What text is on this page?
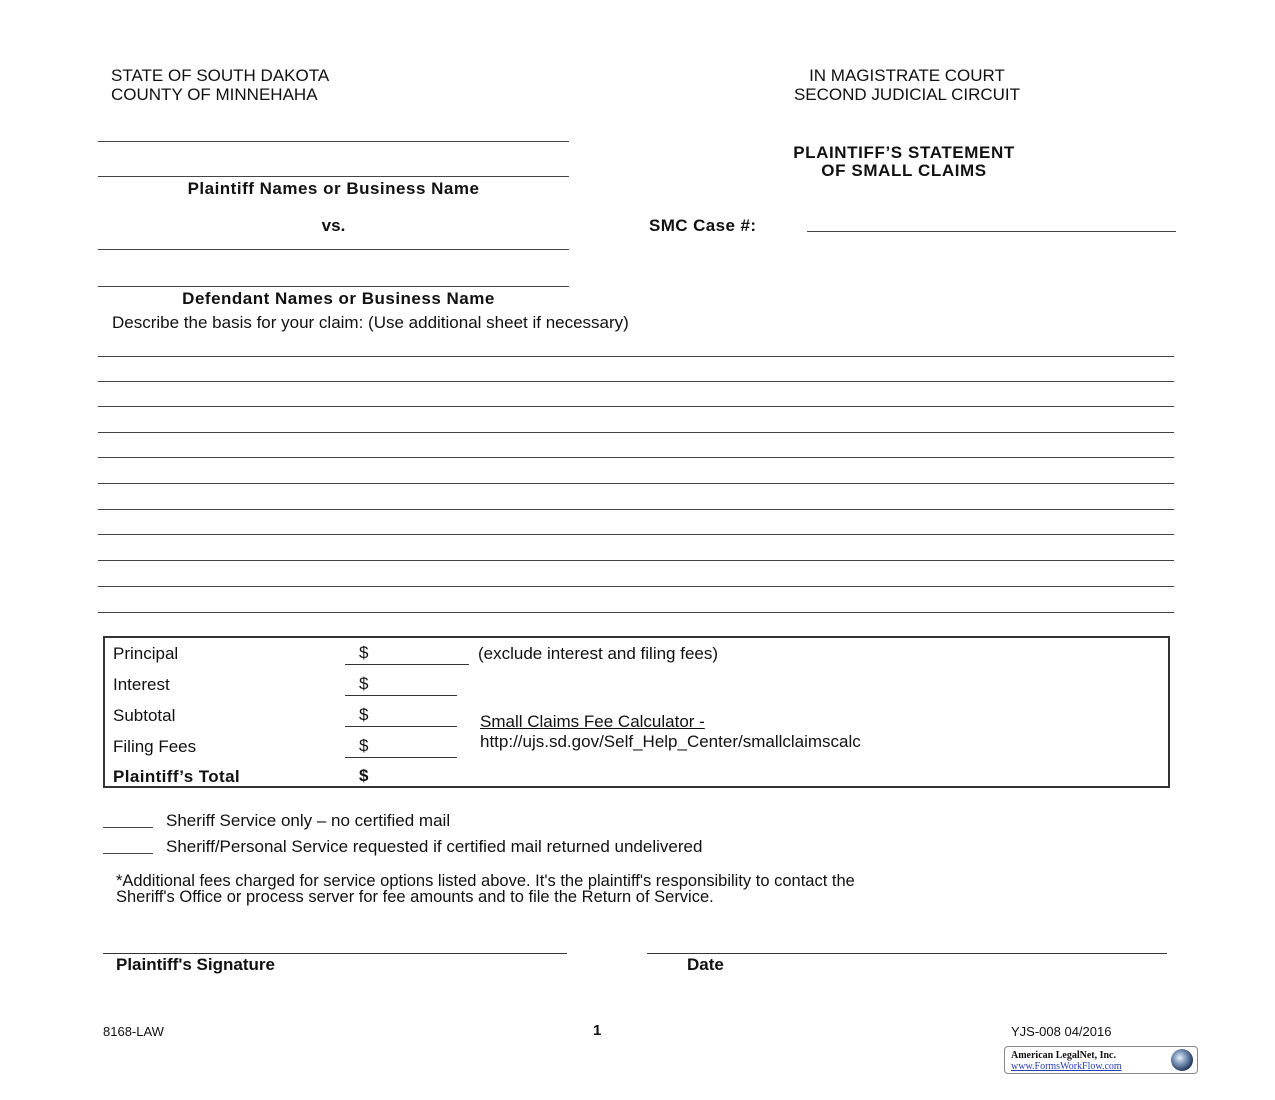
STATE OF SOUTH DAKOTA
COUNTY OF MINNEHAHA
IN MAGISTRATE COURT
SECOND JUDICIAL CIRCUIT
PLAINTIFF’S STATEMENT
OF SMALL CLAIMS
Plaintiff Names or Business Name
vs.	SMC Case #:
Defendant Names or Business Name
Describe the basis for your claim: (Use additional sheet if necessary)
Principal	$	(exclude interest and filing fees)
Interest	$
Subtotal	$
Filing Fees	$
Plaintiff’s Total	$
Small Claims Fee Calculator -
http://ujs.sd.gov/Self_Help_Center/smallclaimscalc
Sheriff Service only – no certified mail
Sheriff/Personal Service requested if certified mail returned undelivered
*Additional fees charged for service options listed above. It's the plaintiff's responsibility to contact the
Sheriff's Office or process server for fee amounts and to file the Return of Service.
Plaintiff's Signature	Date
8168-LAW	1	YJS-008 04/2016
American LegalNet, Inc.
www.FormsWorkFlow.com
